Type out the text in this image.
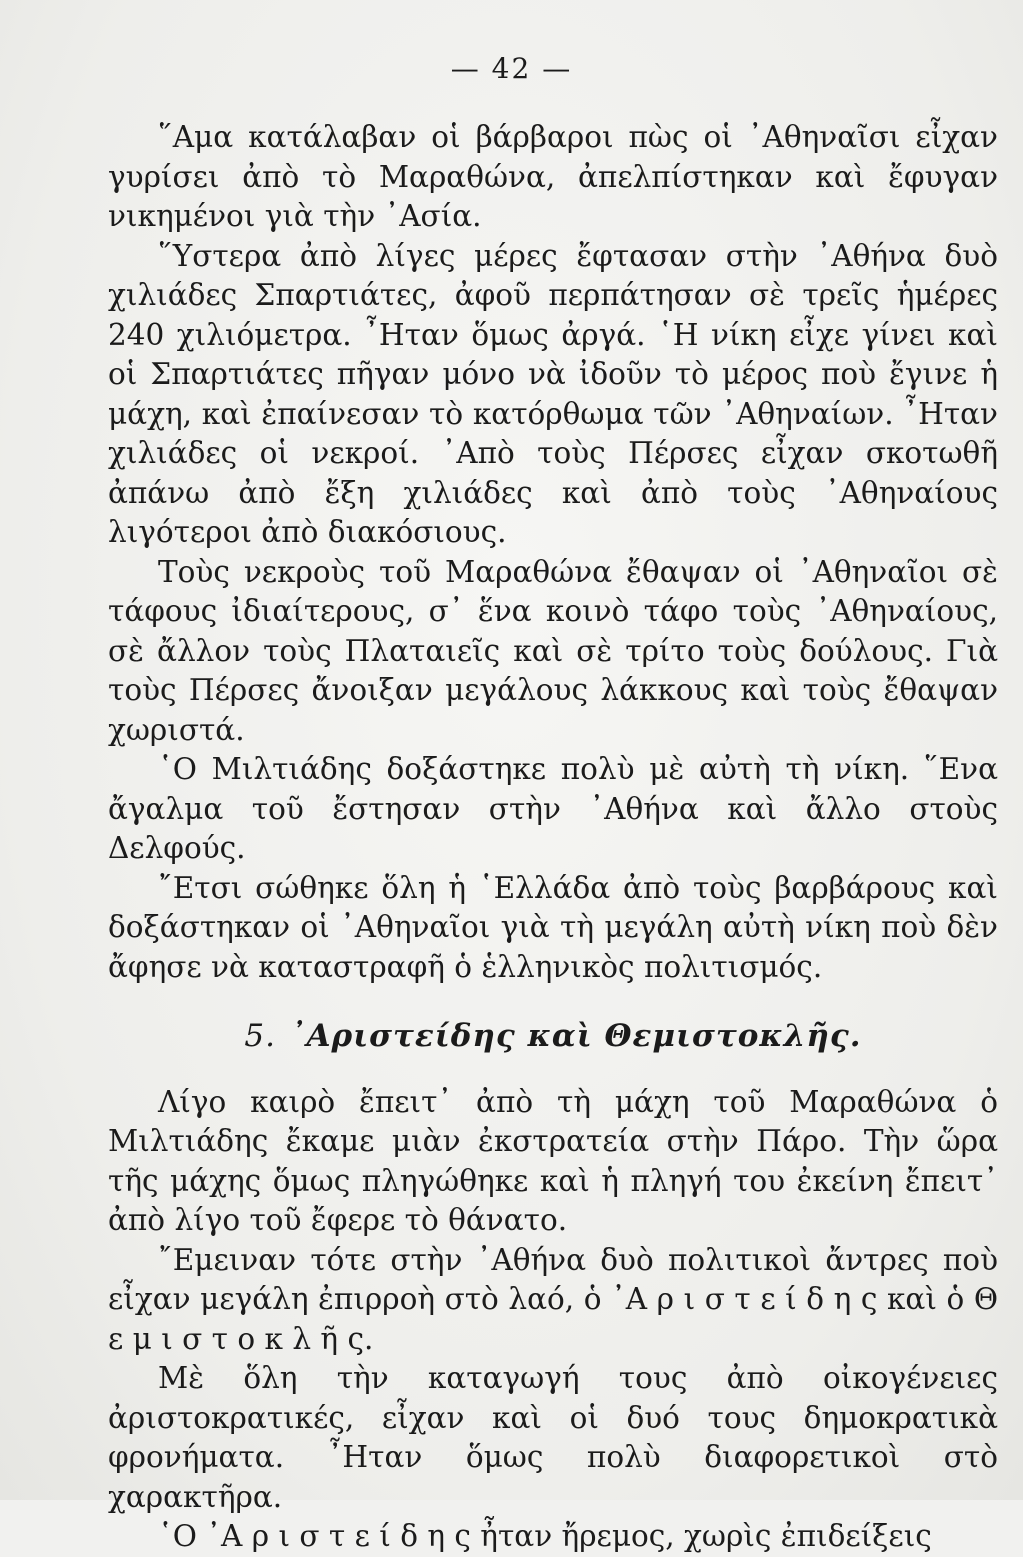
— 42 —

῞Αμα κατάλαβαν οἱ βάρβαροι πὼς οἱ ᾿Αθηναῖσι εἶχαν γυρίσει ἀπὸ τὸ Μαραθώνα, ἀπελπίστηκαν καὶ ἔφυγαν νικημένοι γιὰ τὴν ᾿Ασία.

῞Υστερα ἀπὸ λίγες μέρες ἔφτασαν στὴν ᾿Αθήνα δυὸ χιλιάδες Σπαρτιάτες, ἀφοῦ περπάτησαν σὲ τρεῖς ἡμέρες 240 χιλιόμετρα. ῏Ηταν ὅμως ἀργά. ῾Η νίκη εἶχε γίνει καὶ οἱ Σπαρτιάτες πῆγαν μόνο νὰ ἰδοῦν τὸ μέρος ποὺ ἔγινε ἡ μάχη, καὶ ἐπαίνεσαν τὸ κατόρθωμα τῶν ᾿Αθηναίων. ῏Ηταν χιλιάδες οἱ νεκροί. ᾿Απὸ τοὺς Πέρσες εἶχαν σκοτωθῆ ἀπάνω ἀπὸ ἔξη χιλιάδες καὶ ἀπὸ τοὺς ᾿Αθηναίους λιγότεροι ἀπὸ διακόσιους.

Τοὺς νεκροὺς τοῦ Μαραθώνα ἔθαψαν οἱ ᾿Αθηναῖοι σὲ τάφους ἰδιαίτερους, σ᾿ ἕνα κοινὸ τάφο τοὺς ᾿Αθηναίους, σὲ ἄλλον τοὺς Πλαταιεῖς καὶ σὲ τρίτο τοὺς δούλους. Γιὰ τοὺς Πέρσες ἄνοιξαν μεγάλους λάκκους καὶ τοὺς ἔθαψαν χωριστά.

῾Ο Μιλτιάδης δοξάστηκε πολὺ μὲ αὐτὴ τὴ νίκη. ῞Ενα ἄγαλμα τοῦ ἔστησαν στὴν ᾿Αθήνα καὶ ἄλλο στοὺς Δελφούς.

῎Ετσι σώθηκε ὅλη ἡ ῾Ελλάδα ἀπὸ τοὺς βαρβάρους καὶ δοξάστηκαν οἱ ᾿Αθηναῖοι γιὰ τὴ μεγάλη αὐτὴ νίκη ποὺ δὲν ἄφησε νὰ καταστραφῆ ὁ ἑλληνικὸς πολιτισμός.

5. ᾿Αριστείδης καὶ Θεμιστοκλῆς.

Λίγο καιρὸ ἔπειτ᾿ ἀπὸ τὴ μάχη τοῦ Μαραθώνα ὁ Μιλτιάδης ἔκαμε μιὰν ἐκστρατεία στὴν Πάρο. Τὴν ὥρα τῆς μάχης ὅμως πληγώθηκε καὶ ἡ πληγή του ἐκείνη ἔπειτ᾿ ἀπὸ λίγο τοῦ ἔφερε τὸ θάνατο.

῎Εμειναν τότε στὴν ᾿Αθήνα δυὸ πολιτικοὶ ἄντρες ποὺ εἶχαν μεγάλη ἐπιρροὴ στὸ λαό, ὁ ᾿Α ρ ι σ τ ε ί δ η ς καὶ ὁ Θ ε μ ι σ τ ο κ λ ῆ ς.

Μὲ ὅλη τὴν καταγωγή τους ἀπὸ οἰκογένειες ἀριστοκρατικές, εἶχαν καὶ οἱ δυό τους δημοκρατικὰ φρονήματα. ῏Ηταν ὅμως πολὺ διαφορετικοὶ στὸ χαρακτῆρα.

῾Ο ᾿Α ρ ι σ τ ε ί δ η ς ἦταν ἤρεμος, χωρὶς ἐπιδείξεις
